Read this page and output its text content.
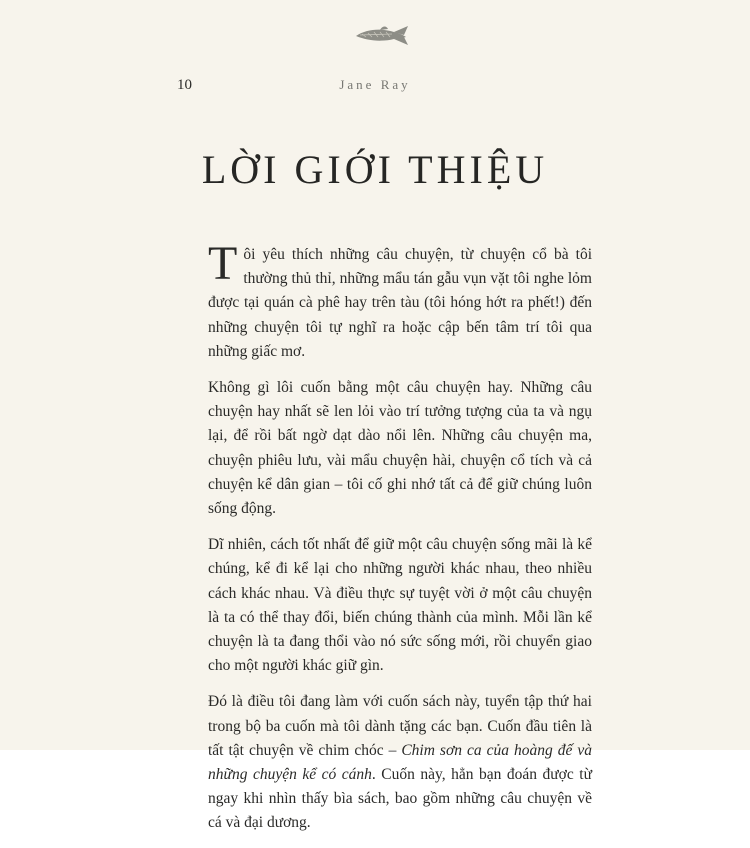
10	Jane Ray
LỜI GIỚI THIỆU

Tôi yêu thích những câu chuyện, từ chuyện cổ bà tôi thường thủ thỉ, những mẩu tán gẫu vụn vặt tôi nghe lỏm được tại quán cà phê hay trên tàu (tôi hóng hớt ra phết!) đến những chuyện tôi tự nghĩ ra hoặc cập bến tâm trí tôi qua những giấc mơ.

Không gì lôi cuốn bằng một câu chuyện hay. Những câu chuyện hay nhất sẽ len lỏi vào trí tưởng tượng của ta và ngụ lại, để rồi bất ngờ dạt dào nổi lên. Những câu chuyện ma, chuyện phiêu lưu, vài mẩu chuyện hài, chuyện cổ tích và cả chuyện kể dân gian – tôi cố ghi nhớ tất cả để giữ chúng luôn sống động.

Dĩ nhiên, cách tốt nhất để giữ một câu chuyện sống mãi là kể chúng, kể đi kể lại cho những người khác nhau, theo nhiều cách khác nhau. Và điều thực sự tuyệt vời ở một câu chuyện là ta có thể thay đổi, biến chúng thành của mình. Mỗi lần kể chuyện là ta đang thổi vào nó sức sống mới, rồi chuyển giao cho một người khác giữ gìn.

Đó là điều tôi đang làm với cuốn sách này, tuyển tập thứ hai trong bộ ba cuốn mà tôi dành tặng các bạn. Cuốn đầu tiên là tất tật chuyện về chim chóc – Chim sơn ca của hoàng đế và những chuyện kể có cánh. Cuốn này, hẳn bạn đoán được từ ngay khi nhìn thấy bìa sách, bao gồm những câu chuyện về cá và đại dương.
